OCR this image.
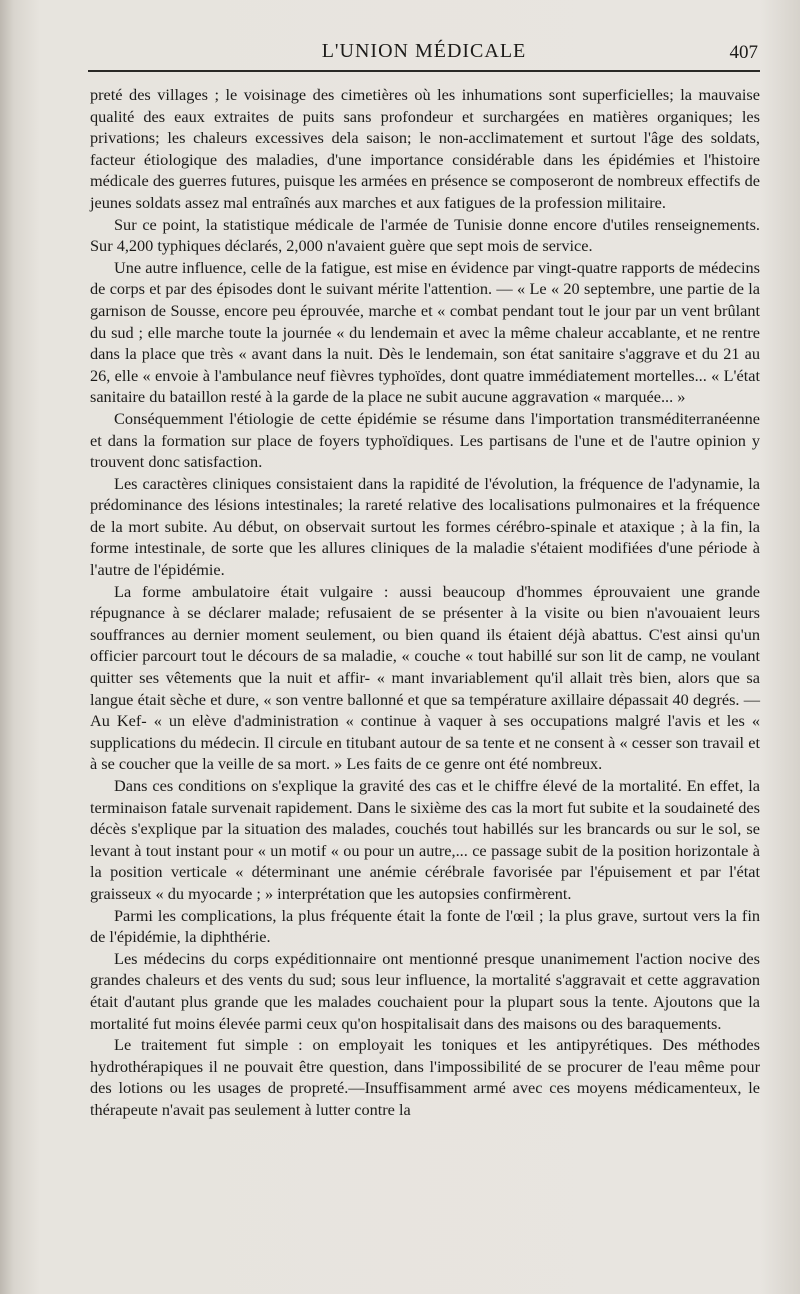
L'UNION MÉDICALE	407

preté des villages ; le voisinage des cimetières où les inhumations sont superficielles; la mauvaise qualité des eaux extraites de puits sans profondeur et surchargées en matières organiques; les privations; les chaleurs excessives dela saison; le non-acclimatement et surtout l'âge des soldats, facteur étiologique des maladies, d'une importance considérable dans les épidémies et l'histoire médicale des guerres futures, puisque les armées en présence se composeront de nombreux effectifs de jeunes soldats assez mal entraînés aux marches et aux fatigues de la profession militaire.

Sur ce point, la statistique médicale de l'armée de Tunisie donne encore d'utiles renseignements. Sur 4,200 typhiques déclarés, 2,000 n'avaient guère que sept mois de service.

Une autre influence, celle de la fatigue, est mise en évidence par vingt-quatre rapports de médecins de corps et par des épisodes dont le suivant mérite l'attention. — « Le « 20 septembre, une partie de la garnison de Sousse, encore peu éprouvée, marche et « combat pendant tout le jour par un vent brûlant du sud ; elle marche toute la journée « du lendemain et avec la même chaleur accablante, et ne rentre dans la place que très « avant dans la nuit. Dès le lendemain, son état sanitaire s'aggrave et du 21 au 26, elle « envoie à l'ambulance neuf fièvres typhoïdes, dont quatre immédiatement mortelles... « L'état sanitaire du bataillon resté à la garde de la place ne subit aucune aggravation « marquée... »

Conséquemment l'étiologie de cette épidémie se résume dans l'importation transméditerranéenne et dans la formation sur place de foyers typhoïdiques. Les partisans de l'une et de l'autre opinion y trouvent donc satisfaction.

Les caractères cliniques consistaient dans la rapidité de l'évolution, la fréquence de l'adynamie, la prédominance des lésions intestinales; la rareté relative des localisations pulmonaires et la fréquence de la mort subite. Au début, on observait surtout les formes cérébro-spinale et ataxique ; à la fin, la forme intestinale, de sorte que les allures cliniques de la maladie s'étaient modifiées d'une période à l'autre de l'épidémie.

La forme ambulatoire était vulgaire : aussi beaucoup d'hommes éprouvaient une grande répugnance à se déclarer malade; refusaient de se présenter à la visite ou bien n'avouaient leurs souffrances au dernier moment seulement, ou bien quand ils étaient déjà abattus. C'est ainsi qu'un officier parcourt tout le décours de sa maladie, « couche « tout habillé sur son lit de camp, ne voulant quitter ses vêtements que la nuit et affir- « mant invariablement qu'il allait très bien, alors que sa langue était sèche et dure, « son ventre ballonné et que sa température axillaire dépassait 40 degrés. — Au Kef- « un elève d'administration « continue à vaquer à ses occupations malgré l'avis et les « supplications du médecin. Il circule en titubant autour de sa tente et ne consent à « cesser son travail et à se coucher que la veille de sa mort. » Les faits de ce genre ont été nombreux.

Dans ces conditions on s'explique la gravité des cas et le chiffre élevé de la mortalité. En effet, la terminaison fatale survenait rapidement. Dans le sixième des cas la mort fut subite et la soudaineté des décès s'explique par la situation des malades, couchés tout habillés sur les brancards ou sur le sol, se levant à tout instant pour « un motif « ou pour un autre,... ce passage subit de la position horizontale à la position verticale « déterminant une anémie cérébrale favorisée par l'épuisement et par l'état graisseux « du myocarde ; » interprétation que les autopsies confirmèrent.

Parmi les complications, la plus fréquente était la fonte de l'œil ; la plus grave, surtout vers la fin de l'épidémie, la diphthérie.

Les médecins du corps expéditionnaire ont mentionné presque unanimement l'action nocive des grandes chaleurs et des vents du sud; sous leur influence, la mortalité s'aggravait et cette aggravation était d'autant plus grande que les malades couchaient pour la plupart sous la tente. Ajoutons que la mortalité fut moins élevée parmi ceux qu'on hospitalisait dans des maisons ou des baraquements.

Le traitement fut simple : on employait les toniques et les antipyrétiques. Des méthodes hydrothérapiques il ne pouvait être question, dans l'impossibilité de se procurer de l'eau même pour des lotions ou les usages de propreté.—Insuffisamment armé avec ces moyens médicamenteux, le thérapeute n'avait pas seulement à lutter contre la
